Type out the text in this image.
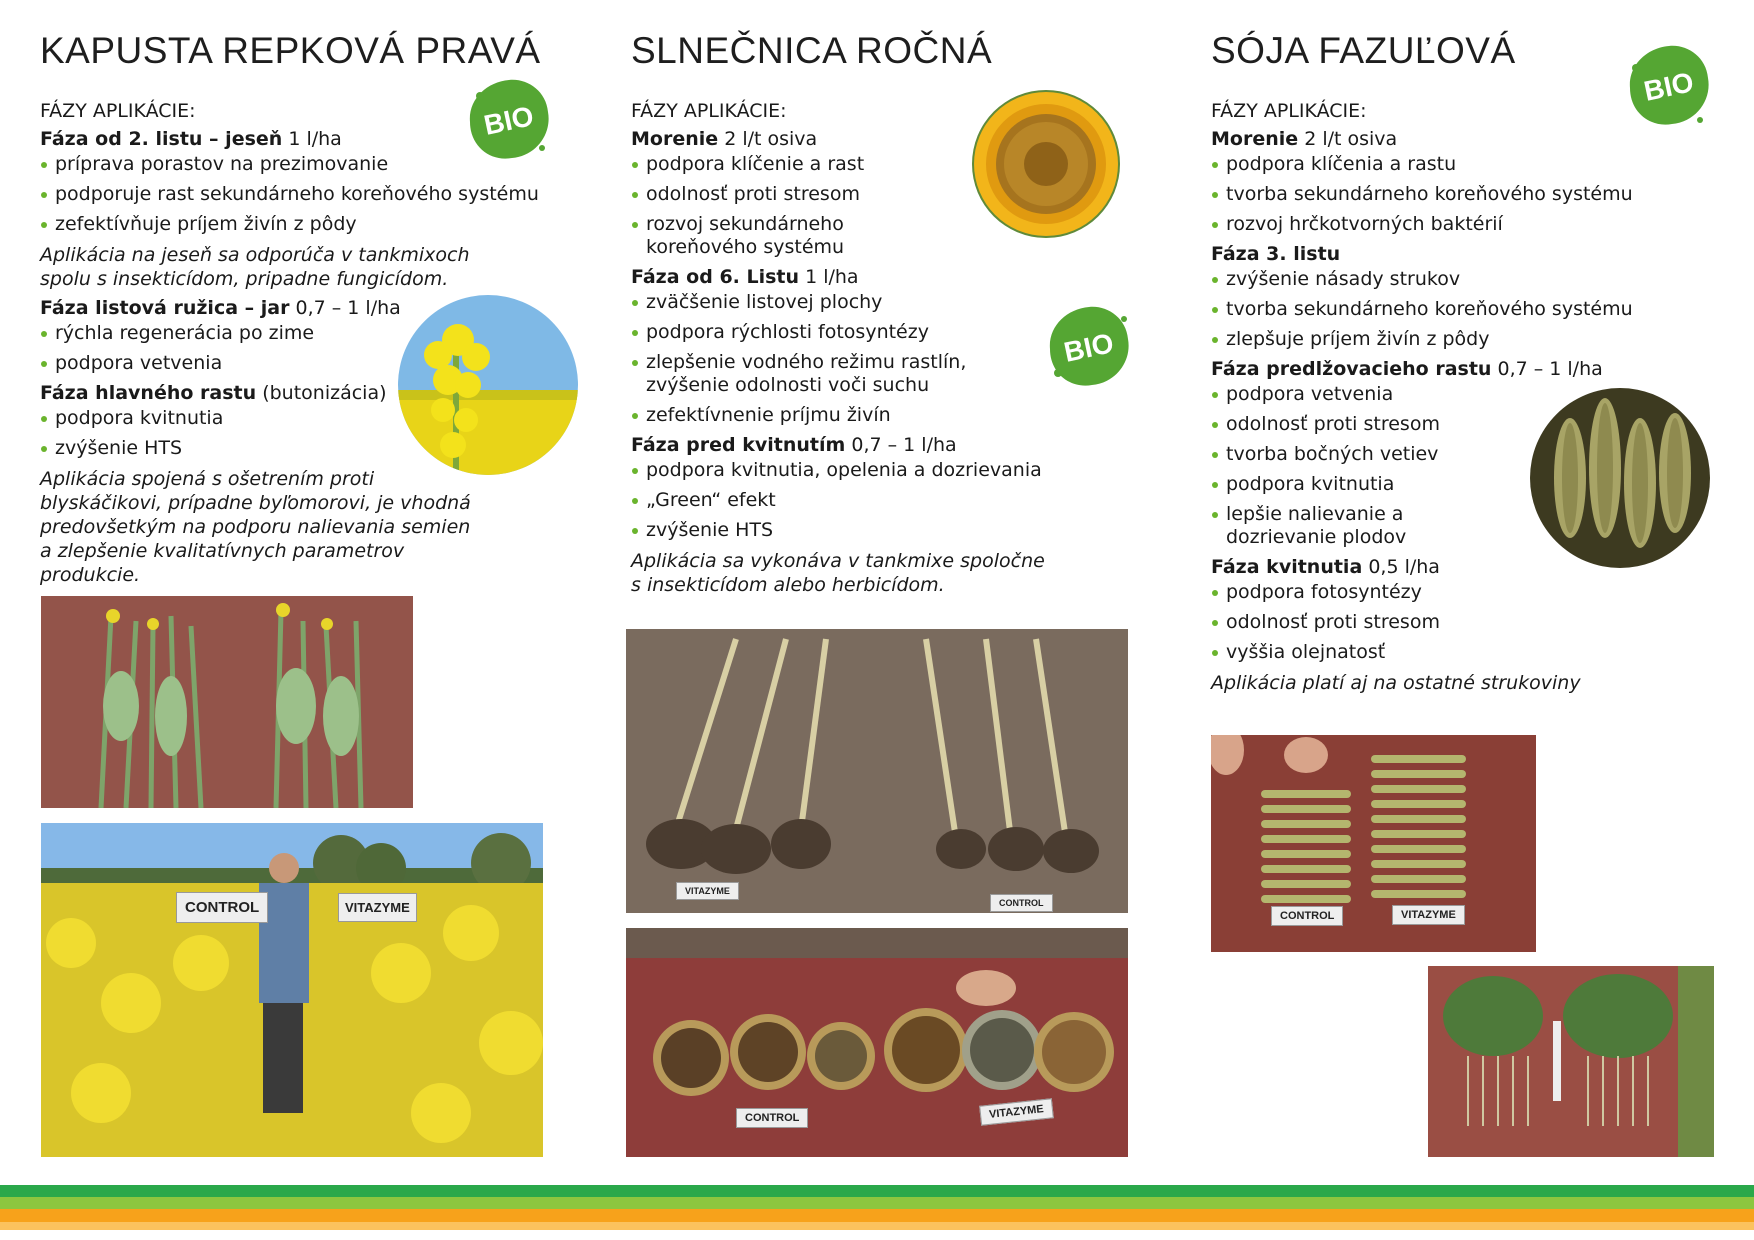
KAPUSTA REPKOVÁ PRAVÁ
FÁZY APLIKÁCIE:
Fáza od 2. listu – jeseň 1 l/ha
príprava porastov na prezimovanie
podporuje rast sekundárneho koreňového systému
zefektívňuje príjem živín z pôdy
Aplikácia na jeseň sa odporúča v tankmixoch spolu s insekticídom, pripadne fungicídom.
Fáza listová ružica – jar 0,7 – 1 l/ha
rýchla regenerácia po zime
podpora vetvenia
Fáza hlavného rastu (butonizácia)
podpora kvitnutia
zvýšenie HTS
Aplikácia spojená s ošetrením proti blyskáčikovi, prípadne byľomorovi, je vhodná predovšetkým na podporu nalievania semien a zlepšenie kvalitatívnych parametrov produkcie.
BIO
CONTROL	VITAZYME
SLNEČNICA ROČNÁ
FÁZY APLIKÁCIE:
Morenie 2 l/t osiva
podpora klíčenie a rast
odolnosť proti stresom
rozvoj sekundárneho koreňového systému
Fáza od 6. Listu 1 l/ha
zväčšenie listovej plochy
podpora rýchlosti fotosyntézy
zlepšenie vodného režimu rastlín, zvýšenie odolnosti voči suchu
zefektívnenie príjmu živín
Fáza pred kvitnutím 0,7 – 1 l/ha
podpora kvitnutia, opelenia a dozrievania
„Green“ efekt
zvýšenie HTS
Aplikácia sa vykonáva v tankmixe spoločne s insekticídom alebo herbicídom.
BIO
VITAZYME
CONTROL
CONTROL	VITAZYME
SÓJA FAZUĽOVÁ
FÁZY APLIKÁCIE:
Morenie 2 l/t osiva
podpora klíčenia a rastu
tvorba sekundárneho koreňového systému
rozvoj hrčkotvorných baktérií
Fáza 3. listu
zvýšenie násady strukov
tvorba sekundárneho koreňového systému
zlepšuje príjem živín z pôdy
Fáza predlžovacieho rastu 0,7 – 1 l/ha
podpora vetvenia
odolnosť proti stresom
tvorba bočných vetiev
podpora kvitnutia
lepšie nalievanie a dozrievanie plodov
Fáza kvitnutia 0,5 l/ha
podpora fotosyntézy
odolnosť proti stresom
vyššia olejnatosť
Aplikácia platí aj na ostatné strukoviny
BIO
CONTROL	VITAZYME
